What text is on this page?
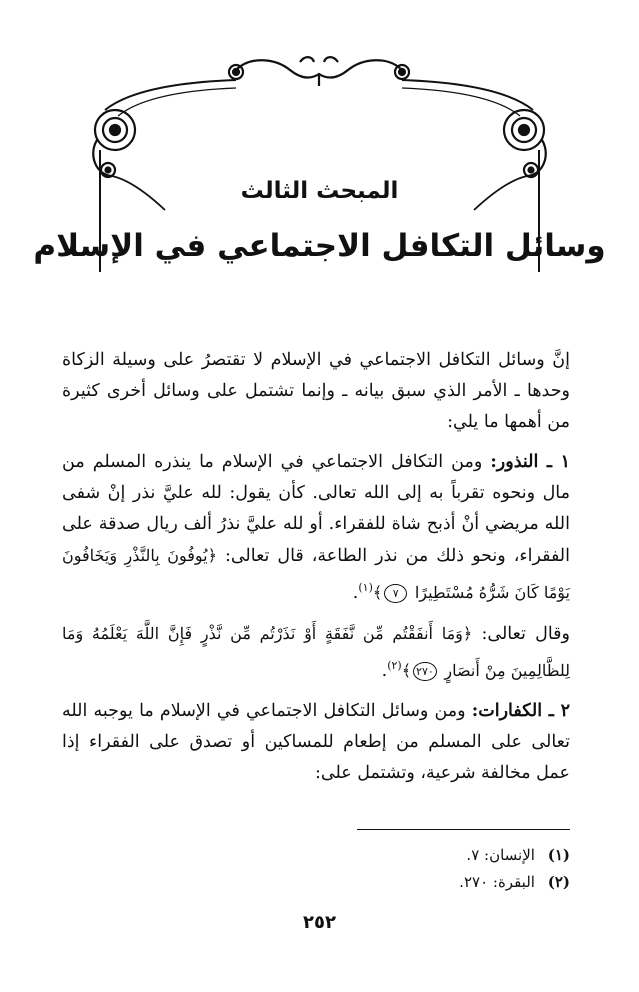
المبحث الثالث
وسائل التكافل الاجتماعي في الإسلام

إنَّ وسائل التكافل الاجتماعي في الإسلام لا تقتصرُ على وسيلة الزكاة وحدها ـ الأمر الذي سبق بيانه ـ وإنما تشتمل على وسائل أخرى كثيرة من أهمها ما يلي:

١ ـ النذور: ومن التكافل الاجتماعي في الإسلام ما ينذره المسلم من مال ونحوه تقرباً به إلى الله تعالى. كأن يقول: لله عليَّ نذر إنْ شفى الله مريضي أنْ أذبح شاة للفقراء. أو لله عليَّ نذرُ ألف ريال صدقة على الفقراء، ونحو ذلك من نذر الطاعة، قال تعالى: ﴿يُوفُونَ بِالنَّذْرِ وَيَخَافُونَ يَوْمًا كَانَ شَرُّهُ مُسْتَطِيرًا ٧﴾$^{(١)}$.

وقال تعالى: ﴿وَمَا أَنفَقْتُم مِّن نَّفَقَةٍ أَوْ نَذَرْتُم مِّن نَّذْرٍ فَإِنَّ اللَّهَ يَعْلَمُهُ وَمَا لِلظَّالِمِينَ مِنْ أَنصَارٍ ٢٧٠﴾$^{(٢)}$.

٢ ـ الكفارات: ومن وسائل التكافل الاجتماعي في الإسلام ما يوجبه الله تعالى على المسلم من إطعام للمساكين أو تصدق على الفقراء إذا عمل مخالفة شرعية، وتشتمل على:

(١) الإنسان: ٧.

(٢) البقرة: ٢٧٠.

٢٥٢
